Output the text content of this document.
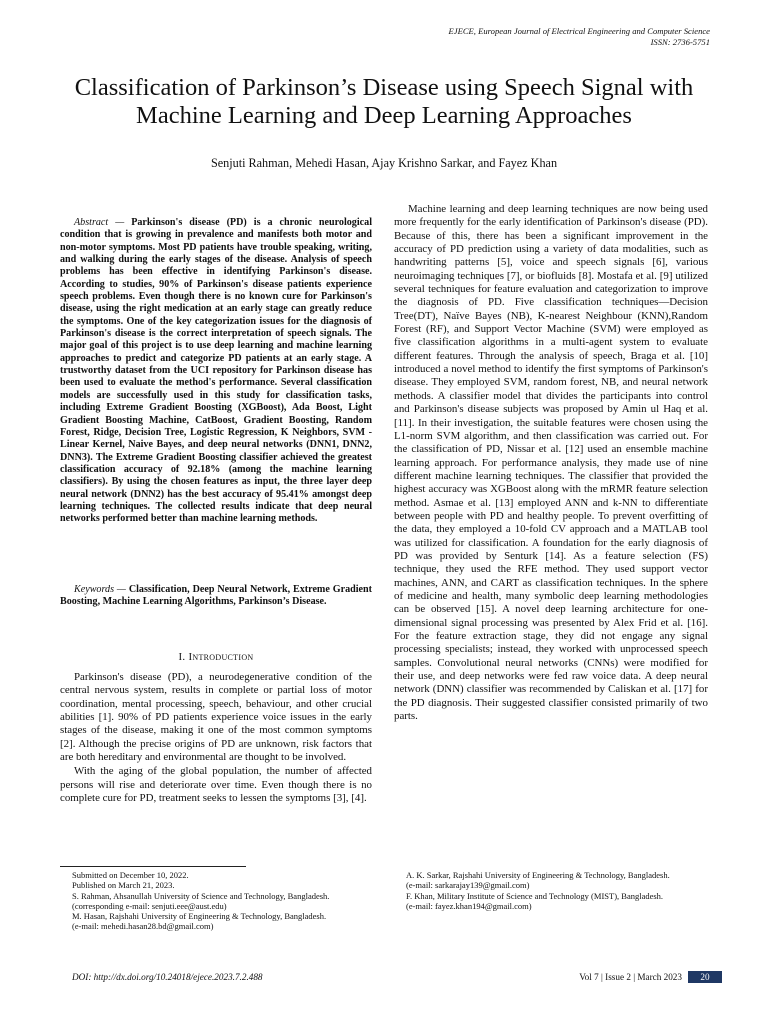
EJECE, European Journal of Electrical Engineering and Computer Science
ISSN: 2736-5751
Classification of Parkinson’s Disease using Speech Signal with Machine Learning and Deep Learning Approaches
Senjuti Rahman, Mehedi Hasan, Ajay Krishno Sarkar, and Fayez Khan

Abstract — Parkinson's disease (PD) is a chronic neurological condition that is growing in prevalence and manifests both motor and non-motor symptoms. Most PD patients have trouble speaking, writing, and walking during the early stages of the disease. Analysis of speech problems has been effective in identifying Parkinson's disease. According to studies, 90% of Parkinson's disease patients experience speech problems. Even though there is no known cure for Parkinson's disease, using the right medication at an early stage can greatly reduce the symptoms. One of the key categorization issues for the diagnosis of Parkinson's disease is the correct interpretation of speech signals. The major goal of this project is to use deep learning and machine learning approaches to predict and categorize PD patients at an early stage. A trustworthy dataset from the UCI repository for Parkinson disease has been used to evaluate the method's performance. Several classification models are successfully used in this study for classification tasks, including Extreme Gradient Boosting (XGBoost), Ada Boost, Light Gradient Boosting Machine, CatBoost, Gradient Boosting, Random Forest, Ridge, Decision Tree, Logistic Regression, K Neighbors, SVM - Linear Kernel, Naive Bayes, and deep neural networks (DNN1, DNN2, DNN3). The Extreme Gradient Boosting classifier achieved the greatest classification accuracy of 92.18% (among the machine learning classifiers). By using the chosen features as input, the three layer deep neural network (DNN2) has the best accuracy of 95.41% amongst deep learning techniques. The collected results indicate that deep neural networks performed better than machine learning methods.

Keywords — Classification, Deep Neural Network, Extreme Gradient Boosting, Machine Learning Algorithms, Parkinson’s Disease.

I. Introduction

Parkinson's disease (PD), a neurodegenerative condition of the central nervous system, results in complete or partial loss of motor coordination, mental processing, speech, behaviour, and other crucial abilities [1]. 90% of PD patients experience voice issues in the early stages of the disease, making it one of the most common symptoms [2]. Although the precise origins of PD are unknown, risk factors that are both hereditary and environmental are thought to be involved.

With the aging of the global population, the number of affected persons will rise and deteriorate over time. Even though there is no complete cure for PD, treatment seeks to lessen the symptoms [3], [4].

Machine learning and deep learning techniques are now being used more frequently for the early identification of Parkinson's disease (PD). Because of this, there has been a significant improvement in the accuracy of PD prediction using a variety of data modalities, such as handwriting patterns [5], voice and speech signals [6], various neuroimaging techniques [7], or biofluids [8]. Mostafa et al. [9] utilized several techniques for feature evaluation and categorization to improve the diagnosis of PD. Five classification techniques—Decision Tree(DT), Naïve Bayes (NB), K-nearest Neighbour (KNN),Random Forest (RF), and Support Vector Machine (SVM) were employed as five classification algorithms in a multi-agent system to evaluate different features. Through the analysis of speech, Braga et al. [10] introduced a novel method to identify the first symptoms of Parkinson's disease. They employed SVM, random forest, NB, and neural network methods. A classifier model that divides the participants into control and Parkinson's disease subjects was proposed by Amin ul Haq et al. [11]. In their investigation, the suitable features were chosen using the L1-norm SVM algorithm, and then classification was carried out. For the classification of PD, Nissar et al. [12] used an ensemble machine learning approach. For performance analysis, they made use of nine different machine learning techniques. The classifier that provided the highest accuracy was XGBoost along with the mRMR feature selection method. Asmae et al. [13] employed ANN and k-NN to differentiate between people with PD and healthy people. To prevent overfitting of the data, they employed a 10-fold CV approach and a MATLAB tool was utilized for classification. A foundation for the early diagnosis of PD was provided by Senturk [14]. As a feature selection (FS) technique, they used the RFE method. They used support vector machines, ANN, and CART as classification techniques. In the sphere of medicine and health, many symbolic deep learning methodologies can be observed [15]. A novel deep learning architecture for one-dimensional signal processing was presented by Alex Frid et al. [16]. For the feature extraction stage, they did not engage any signal processing specialists; instead, they worked with unprocessed speech samples. Convolutional neural networks (CNNs) were modified for their use, and deep networks were fed raw voice data. A deep neural network (DNN) classifier was recommended by Caliskan et al. [17] for the PD diagnosis. Their suggested classifier consisted primarily of two parts.

Submitted on December 10, 2022.

Published on March 21, 2023.

S. Rahman, Ahsanullah University of Science and Technology, Bangladesh.

(corresponding e-mail: senjuti.eee@aust.edu)

M. Hasan, Rajshahi University of Engineering & Technology, Bangladesh.

(e-mail: mehedi.hasan28.bd@gmail.com)

A. K. Sarkar, Rajshahi University of Engineering & Technology, Bangladesh.

(e-mail: sarkarajay139@gmail.com)

F. Khan, Military Institute of Science and Technology (MIST), Bangladesh.

(e-mail: fayez.khan194@gmail.com)

DOI: http://dx.doi.org/10.24018/ejece.2023.7.2.488	Vol 7 | Issue 2 | March 2023	20
